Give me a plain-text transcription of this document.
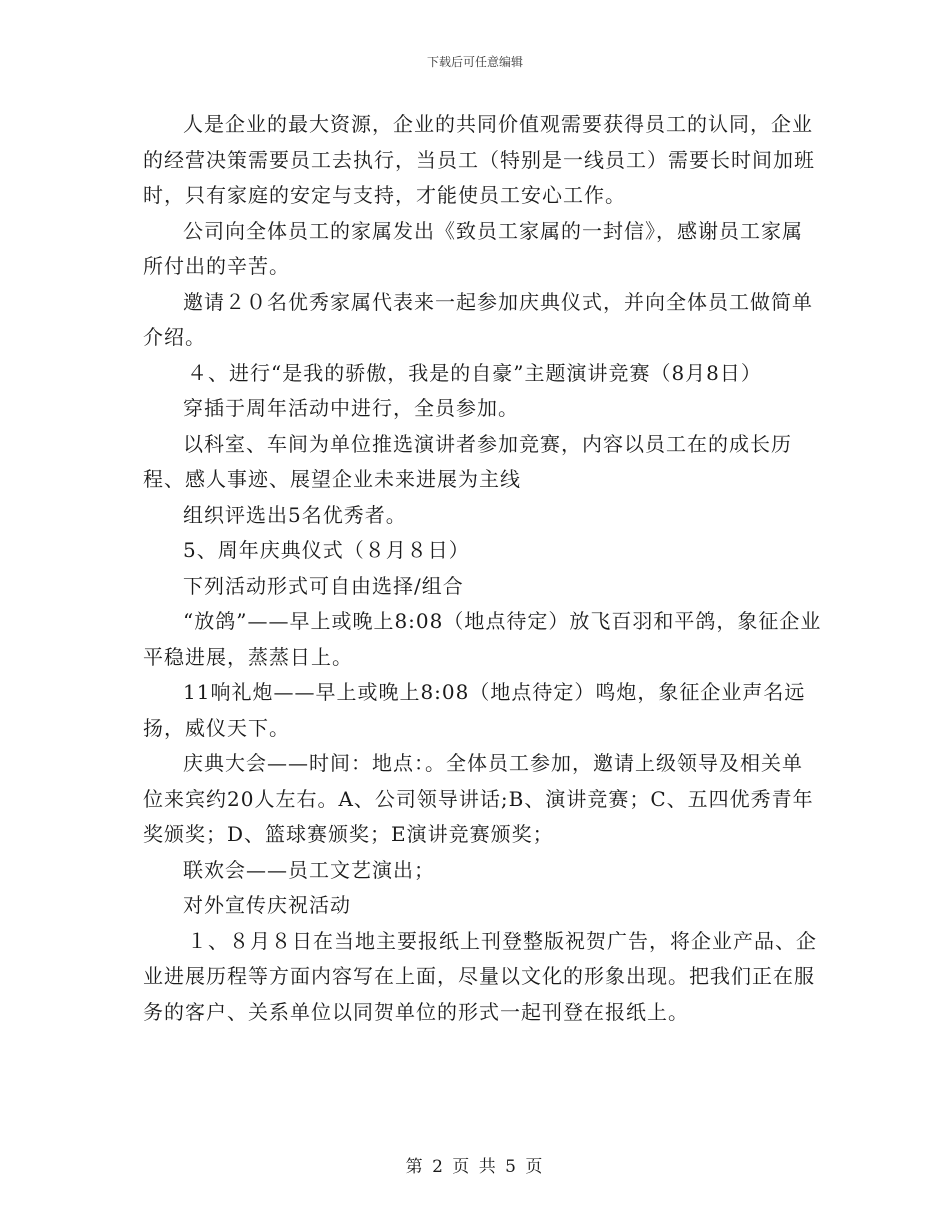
下载后可任意编辑

人是企业的最大资源，企业的共同价值观需要获得员工的认同，企业的经营决策需要员工去执行，当员工（特别是一线员工）需要长时间加班时，只有家庭的安定与支持，才能使员工安心工作。

公司向全体员工的家属发出《致员工家属的一封信》，感谢员工家属所付出的辛苦。

邀请２０名优秀家属代表来一起参加庆典仪式，并向全体员工做简单介绍。

４、进行“是我的骄傲，我是的自豪”主题演讲竞赛（8月8日）

穿插于周年活动中进行，全员参加。

以科室、车间为单位推选演讲者参加竞赛，内容以员工在的成长历程、感人事迹、展望企业未来进展为主线

组织评选出5名优秀者。

5、周年庆典仪式（８月８日）

下列活动形式可自由选择/组合

“放鸽”——早上或晚上8:08（地点待定）放飞百羽和平鸽，象征企业平稳进展，蒸蒸日上。

11响礼炮——早上或晚上8:08（地点待定）鸣炮，象征企业声名远扬，威仪天下。

庆典大会——时间：地点：。全体员工参加，邀请上级领导及相关单位来宾约20人左右。A、公司领导讲话;B、演讲竞赛；C、五四优秀青年奖颁奖；D、篮球赛颁奖；E演讲竞赛颁奖；

联欢会——员工文艺演出；

对外宣传庆祝活动

１、８月８日在当地主要报纸上刊登整版祝贺广告，将企业产品、企业进展历程等方面内容写在上面，尽量以文化的形象出现。把我们正在服务的客户、关系单位以同贺单位的形式一起刊登在报纸上。

第 2 页 共 5 页
